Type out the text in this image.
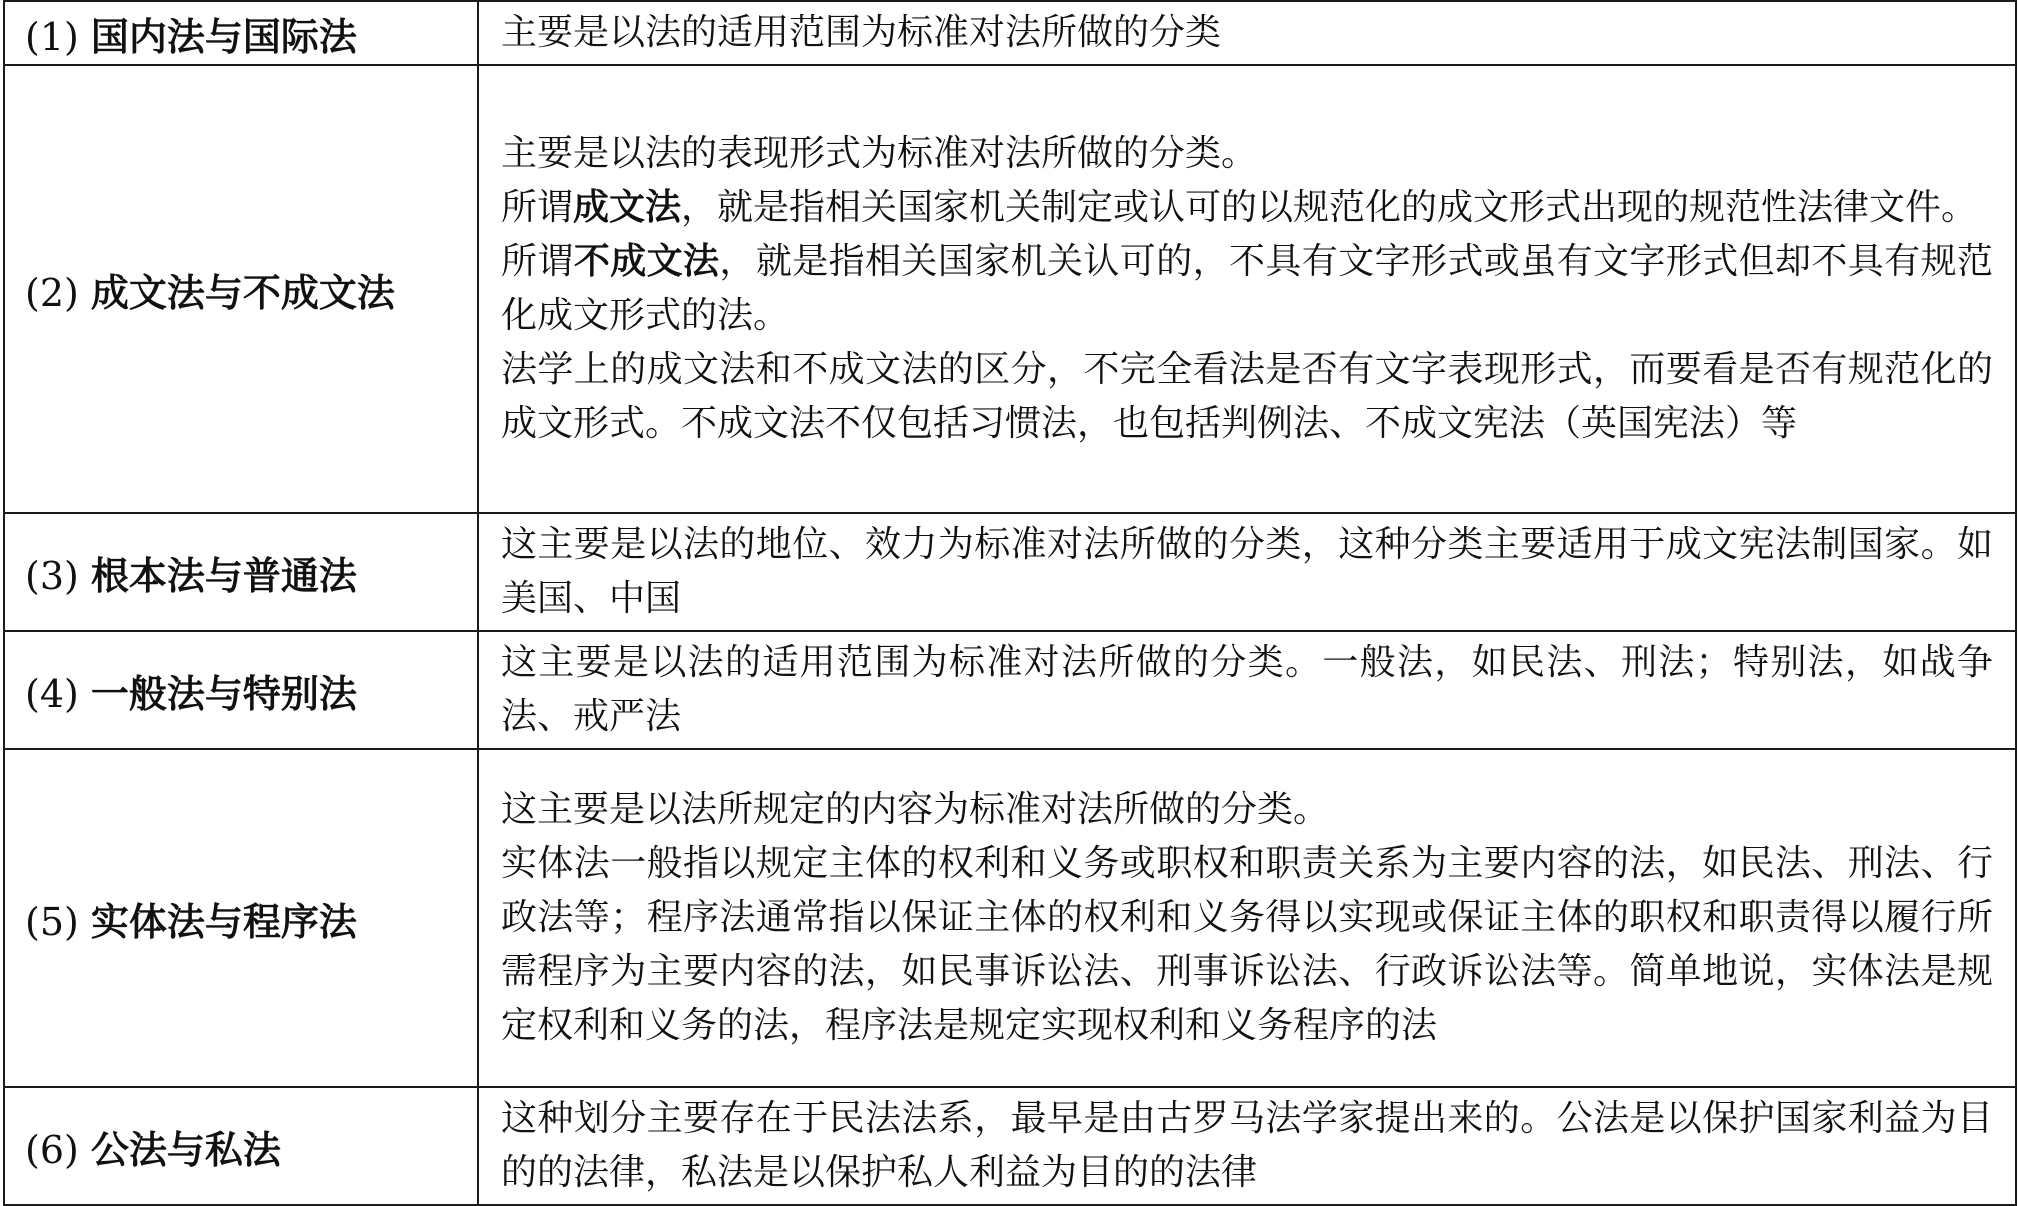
(1) 国内法与国际法	主要是以法的适用范围为标准对法所做的分类

(2) 成文法与不成文法	主要是以法的表现形式为标准对法所做的分类。

所谓成文法，就是指相关国家机关制定或认可的以规范化的成文形式出现的规范性法律文件。

所谓不成文法，就是指相关国家机关认可的，不具有文字形式或虽有文字形式但却不具有规范化成文形式的法。

法学上的成文法和不成文法的区分，不完全看法是否有文字表现形式，而要看是否有规范化的成文形式。不成文法不仅包括习惯法，也包括判例法、不成文宪法（英国宪法）等

(3) 根本法与普通法	这主要是以法的地位、效力为标准对法所做的分类，这种分类主要适用于成文宪法制国家。如美国、中国

(4) 一般法与特别法	这主要是以法的适用范围为标准对法所做的分类。一般法，如民法、刑法；特别法，如战争法、戒严法

(5) 实体法与程序法	这主要是以法所规定的内容为标准对法所做的分类。

实体法一般指以规定主体的权利和义务或职权和职责关系为主要内容的法，如民法、刑法、行政法等；程序法通常指以保证主体的权利和义务得以实现或保证主体的职权和职责得以履行所需程序为主要内容的法，如民事诉讼法、刑事诉讼法、行政诉讼法等。简单地说，实体法是规定权利和义务的法，程序法是规定实现权利和义务程序的法

(6) 公法与私法	这种划分主要存在于民法法系，最早是由古罗马法学家提出来的。公法是以保护国家利益为目的的法律，私法是以保护私人利益为目的的法律
